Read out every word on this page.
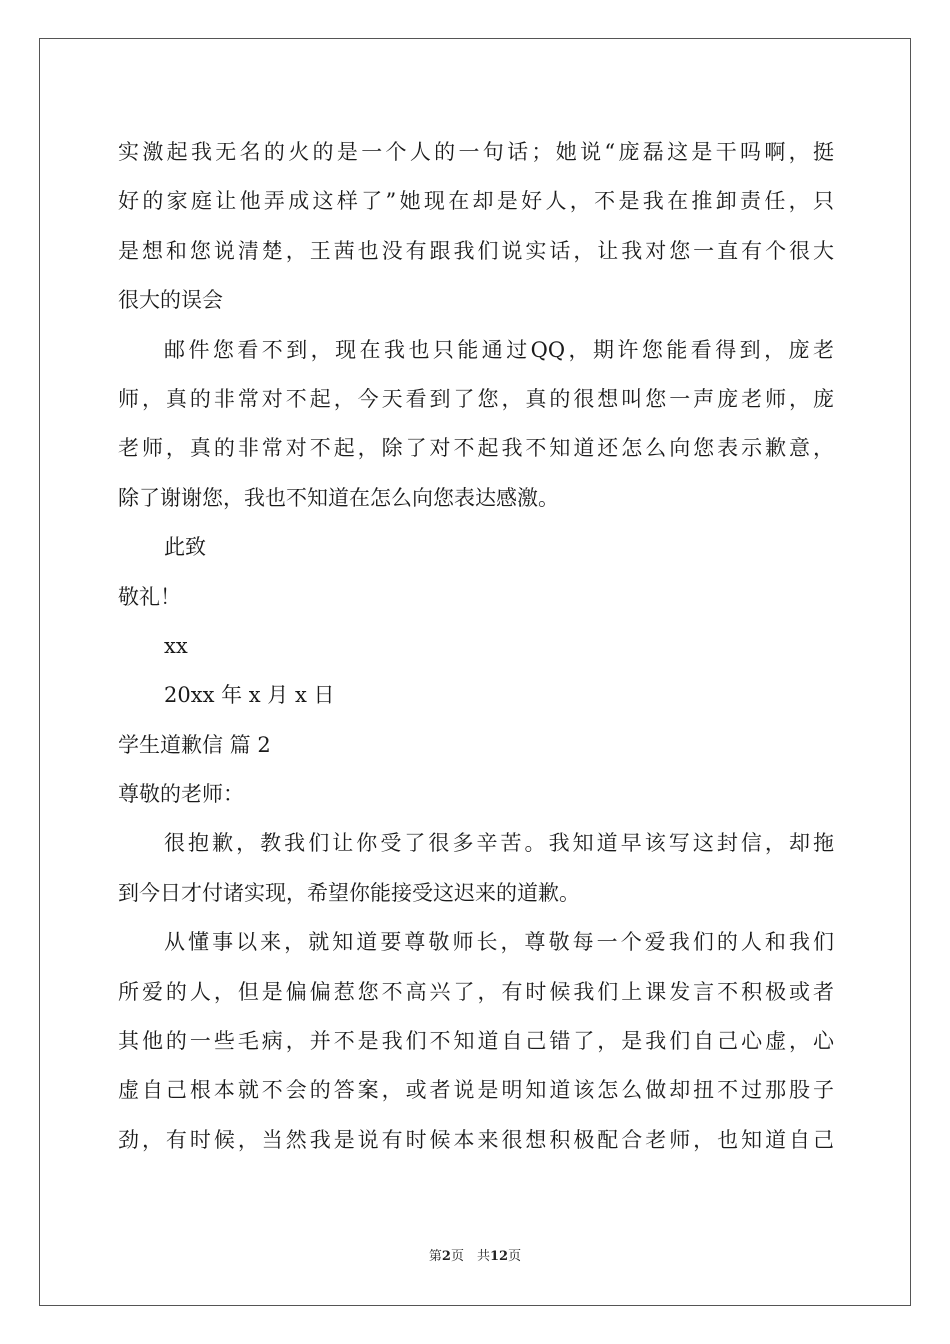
实激起我无名的火的是一个人的一句话；她说“庞磊这是干吗啊，挺
好的家庭让他弄成这样了”她现在却是好人，不是我在推卸责任，只
是想和您说清楚，王茜也没有跟我们说实话，让我对您一直有个很大
很大的误会
邮件您看不到，现在我也只能通过QQ，期许您能看得到，庞老
师，真的非常对不起，今天看到了您，真的很想叫您一声庞老师，庞
老师，真的非常对不起，除了对不起我不知道还怎么向您表示歉意，
除了谢谢您，我也不知道在怎么向您表达感激。
此致
敬礼！
xx
20xx 年 x 月 x 日
学生道歉信 篇 2
尊敬的老师：
很抱歉，教我们让你受了很多辛苦。我知道早该写这封信，却拖
到今日才付诸实现，希望你能接受这迟来的道歉。
从懂事以来，就知道要尊敬师长，尊敬每一个爱我们的人和我们
所爱的人，但是偏偏惹您不高兴了，有时候我们上课发言不积极或者
其他的一些毛病，并不是我们不知道自己错了，是我们自己心虚，心
虚自己根本就不会的答案，或者说是明知道该怎么做却扭不过那股子
劲，有时候，当然我是说有时候本来很想积极配合老师，也知道自己
第2页　共12页
